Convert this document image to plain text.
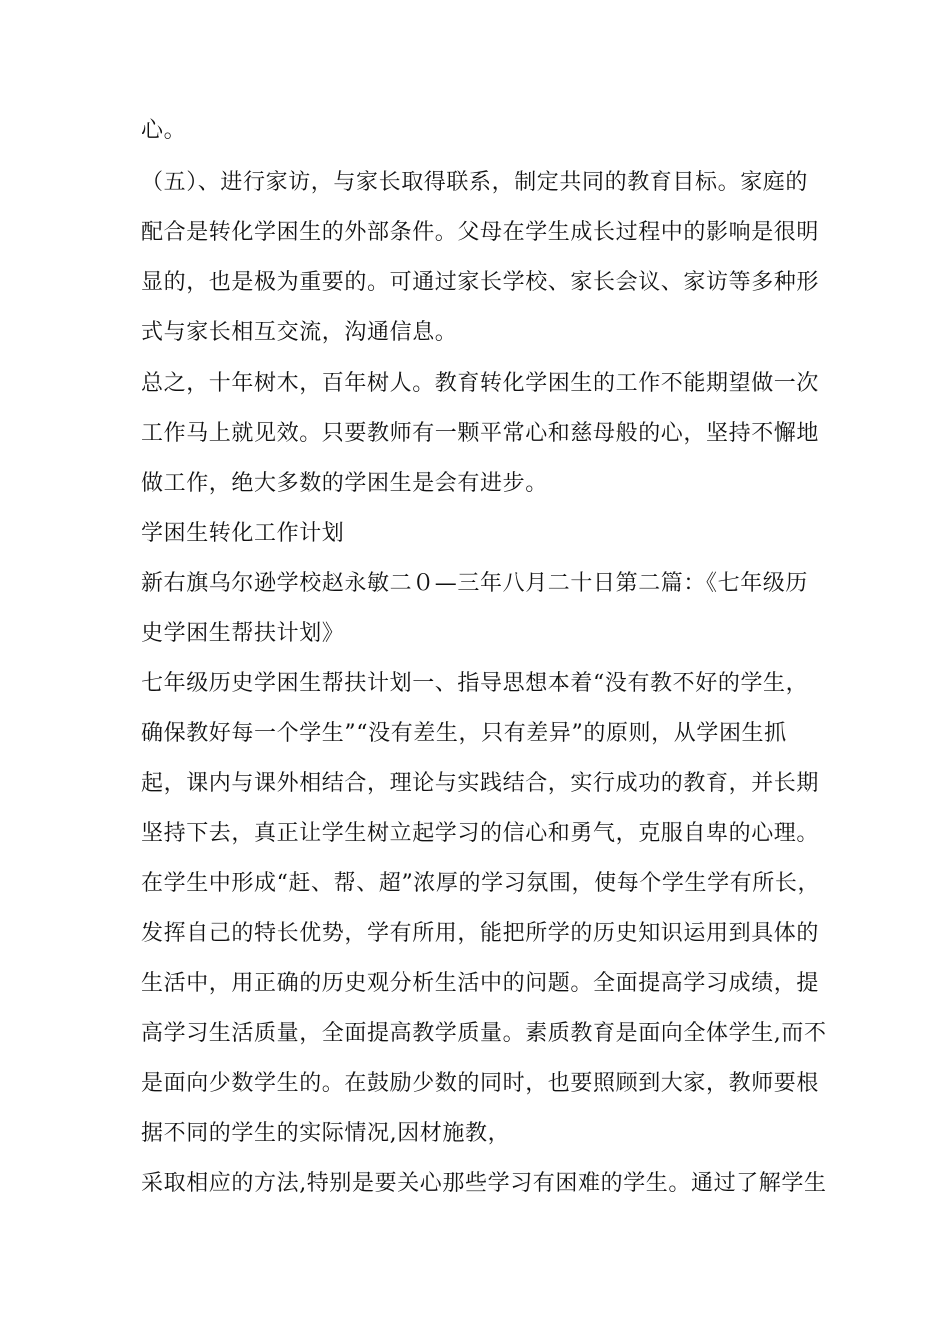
心。
（五）、进行家访，与家长取得联系，制定共同的教育目标。家庭的
配合是转化学困生的外部条件。父母在学生成长过程中的影响是很明
显的，也是极为重要的。可通过家长学校、家长会议、家访等多种形
式与家长相互交流，沟通信息。
总之，十年树木，百年树人。教育转化学困生的工作不能期望做一次
工作马上就见效。只要教师有一颗平常心和慈母般的心，坚持不懈地
做工作，绝大多数的学困生是会有进步。
学困生转化工作计划
新右旗乌尔逊学校赵永敏二０—三年八月二十日第二篇：《七年级历
史学困生帮扶计划》
七年级历史学困生帮扶计划一、指导思想本着“没有教不好的学生，
确保教好每一个学生”“没有差生，只有差异”的原则，从学困生抓
起，课内与课外相结合，理论与实践结合，实行成功的教育，并长期
坚持下去，真正让学生树立起学习的信心和勇气，克服自卑的心理。
在学生中形成“赶、帮、超”浓厚的学习氛围，使每个学生学有所长，
发挥自己的特长优势，学有所用，能把所学的历史知识运用到具体的
生活中，用正确的历史观分析生活中的问题。全面提高学习成绩，提
高学习生活质量，全面提高教学质量。素质教育是面向全体学生,而不
是面向少数学生的。在鼓励少数的同时，也要照顾到大家，教师要根
据不同的学生的实际情况,因材施教，
采取相应的方法,特别是要关心那些学习有困难的学生。通过了解学生
